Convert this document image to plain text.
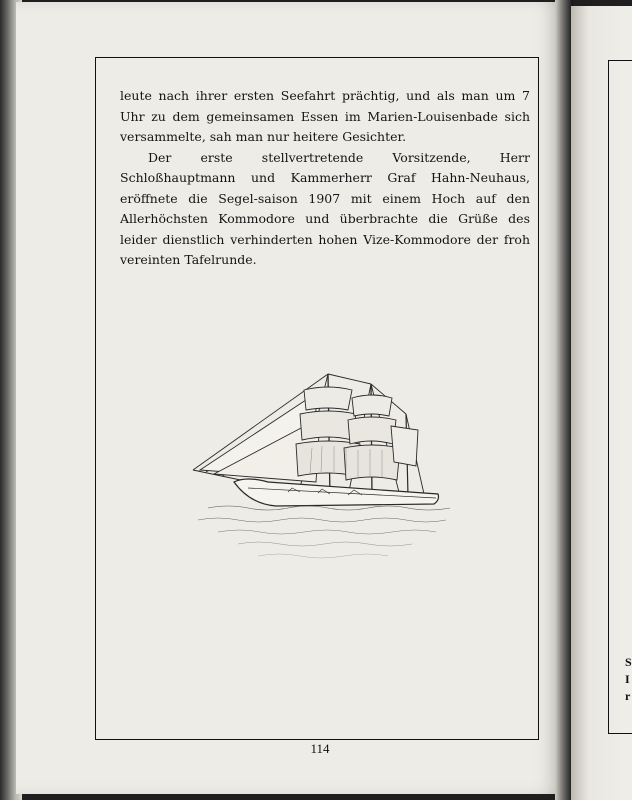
S
I
r

leute nach ihrer ersten Seefahrt prächtig, und als man um 7 Uhr zu dem gemeinsamen Essen im Marien-Louisenbade sich versammelte, sah man nur heitere Gesichter.

Der erste stellvertretende Vorsitzende, Herr Schloßhauptmann und Kammerherr Graf Hahn-Neuhaus, eröffnete die Segel-saison 1907 mit einem Hoch auf den Allerhöchsten Kommodore und überbrachte die Grüße des leider dienstlich verhinderten hohen Vize-Kommodore der froh vereinten Tafelrunde.

114
